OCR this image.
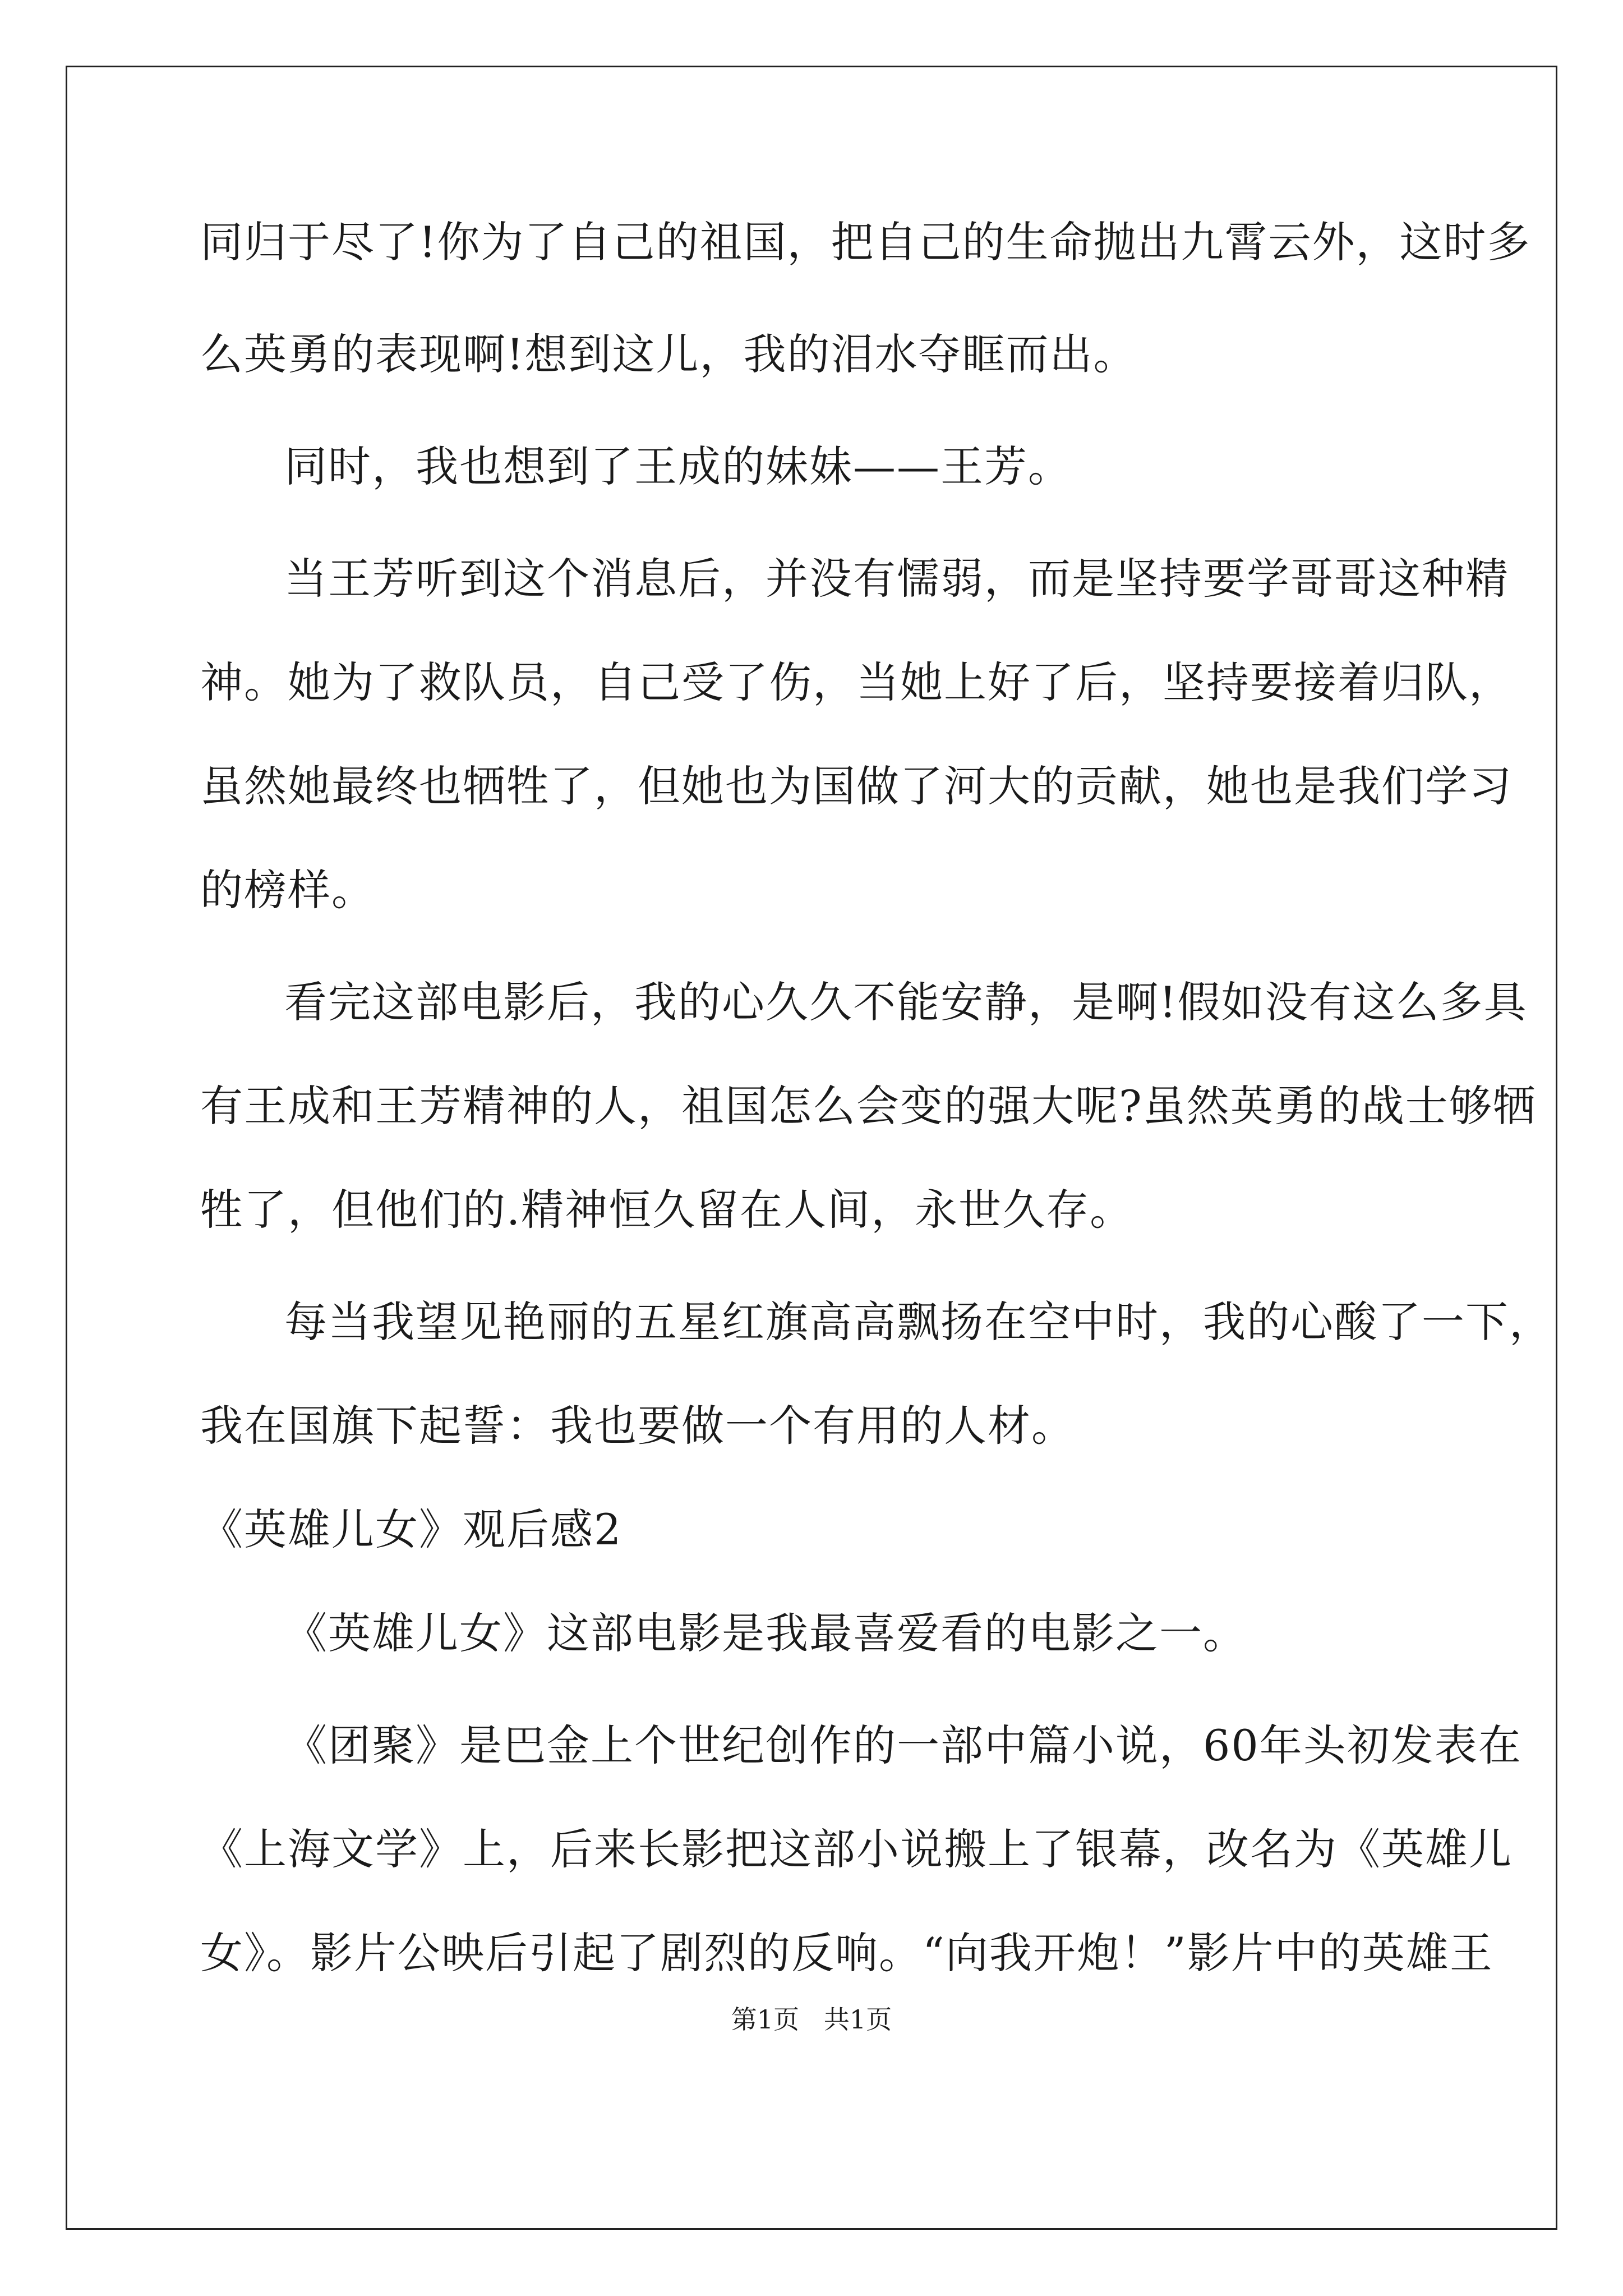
同归于尽了!你为了自己的祖国，把自己的生命抛出九霄云外，这时多
么英勇的表现啊!想到这儿，我的泪水夺眶而出。
同时，我也想到了王成的妹妹——王芳。
当王芳听到这个消息后，并没有懦弱，而是坚持要学哥哥这种精
神。她为了救队员，自己受了伤，当她上好了后，坚持要接着归队，
虽然她最终也牺牲了，但她也为国做了河大的贡献，她也是我们学习
的榜样。
看完这部电影后，我的心久久不能安静，是啊!假如没有这么多具
有王成和王芳精神的人，祖国怎么会变的强大呢?虽然英勇的战士够牺
牲了，但他们的.精神恒久留在人间，永世久存。
每当我望见艳丽的五星红旗高高飘扬在空中时，我的心酸了一下，
我在国旗下起誓：我也要做一个有用的人材。
《英雄儿女》观后感2
《英雄儿女》这部电影是我最喜爱看的电影之一。
《团聚》是巴金上个世纪创作的一部中篇小说，60年头初发表在
《上海文学》上，后来长影把这部小说搬上了银幕，改名为《英雄儿
女》。影片公映后引起了剧烈的反响。“向我开炮！”影片中的英雄王
第1页   共1页
